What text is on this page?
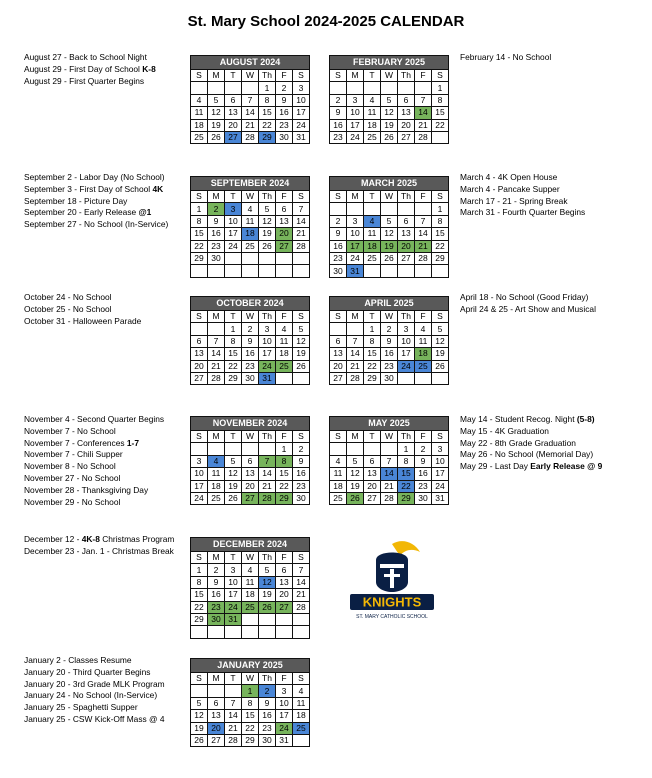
St. Mary School 2024-2025 CALENDAR
AUGUST 2024						
S	M	T	W	Th	F	S
				1	2	3
4	5	6	7	8	9	10
11	12	13	14	15	16	17
18	19	20	21	22	23	24
25	26	27	28	29	30	31
FEBRUARY 2025						
S	M	T	W	Th	F	S
						1
2	3	4	5	6	7	8
9	10	11	12	13	14	15
16	17	18	19	20	21	22
23	24	25	26	27	28	
SEPTEMBER 2024						
S	M	T	W	Th	F	S
1	2	3	4	5	6	7
8	9	10	11	12	13	14
15	16	17	18	19	20	21
22	23	24	25	26	27	28
29	30					

MARCH 2025						
S	M	T	W	Th	F	S
						1
2	3	4	5	6	7	8
9	10	11	12	13	14	15
16	17	18	19	20	21	22
23	24	25	26	27	28	29
30	31					
OCTOBER 2024						
S	M	T	W	Th	F	S
		1	2	3	4	5
6	7	8	9	10	11	12
13	14	15	16	17	18	19
20	21	22	23	24	25	26
27	28	29	30	31		
APRIL 2025						
S	M	T	W	Th	F	S
		1	2	3	4	5
6	7	8	9	10	11	12
13	14	15	16	17	18	19
20	21	22	23	24	25	26
27	28	29	30			
NOVEMBER 2024						
S	M	T	W	Th	F	S
					1	2
3	4	5	6	7	8	9
10	11	12	13	14	15	16
17	18	19	20	21	22	23
24	25	26	27	28	29	30
MAY 2025						
S	M	T	W	Th	F	S
				1	2	3
4	5	6	7	8	9	10
11	12	13	14	15	16	17
18	19	20	21	22	23	24
25	26	27	28	29	30	31
DECEMBER 2024						
S	M	T	W	Th	F	S
1	2	3	4	5	6	7
8	9	10	11	12	13	14
15	16	17	18	19	20	21
22	23	24	25	26	27	28
29	30	31				

JANUARY 2025						
S	M	T	W	Th	F	S
			1	2	3	4
5	6	7	8	9	10	11
12	13	14	15	16	17	18
19	20	21	22	23	24	25
26	27	28	29	30	31	
August 27 - Back to School Night
August 29 - First Day of School K-8
August 29 - First Quarter Begins
September 2 - Labor Day (No School)
September 3 - First Day of School 4K
September 18 - Picture Day
September 20 - Early Release @1
September 27 - No School (In-Service)
October 24 - No School
October 25 - No School
October 31 - Halloween Parade
November 4 - Second Quarter Begins
November 7 - No School
November 7 - Conferences 1-7
November 7 - Chili Supper
November 8 - No School
November 27 - No School
November 28 - Thanksgiving Day
November 29 - No School
December 12 - 4K-8 Christmas Program
December 23 - Jan. 1 - Christmas Break
January 2 - Classes Resume
January 20 - Third Quarter Begins
January 20 - 3rd Grade MLK Program
January 24 - No School (In-Service)
January 25 - Spaghetti Supper
January 25 - CSW Kick-Off Mass @ 4
February 14 - No School
March 4 - 4K Open House
March 4 - Pancake Supper
March 17 - 21 - Spring Break
March 31 - Fourth Quarter Begins
April 18 - No School (Good Friday)
April 24 & 25 - Art Show and Musical
May 14 - Student Recog. Night (5-8)
May 15 - 4K Graduation
May 22 - 8th Grade Graduation
May 26 - No School (Memorial Day)
May 29 - Last Day Early Release @ 9
KNIGHTS
ST. MARY CATHOLIC SCHOOL
